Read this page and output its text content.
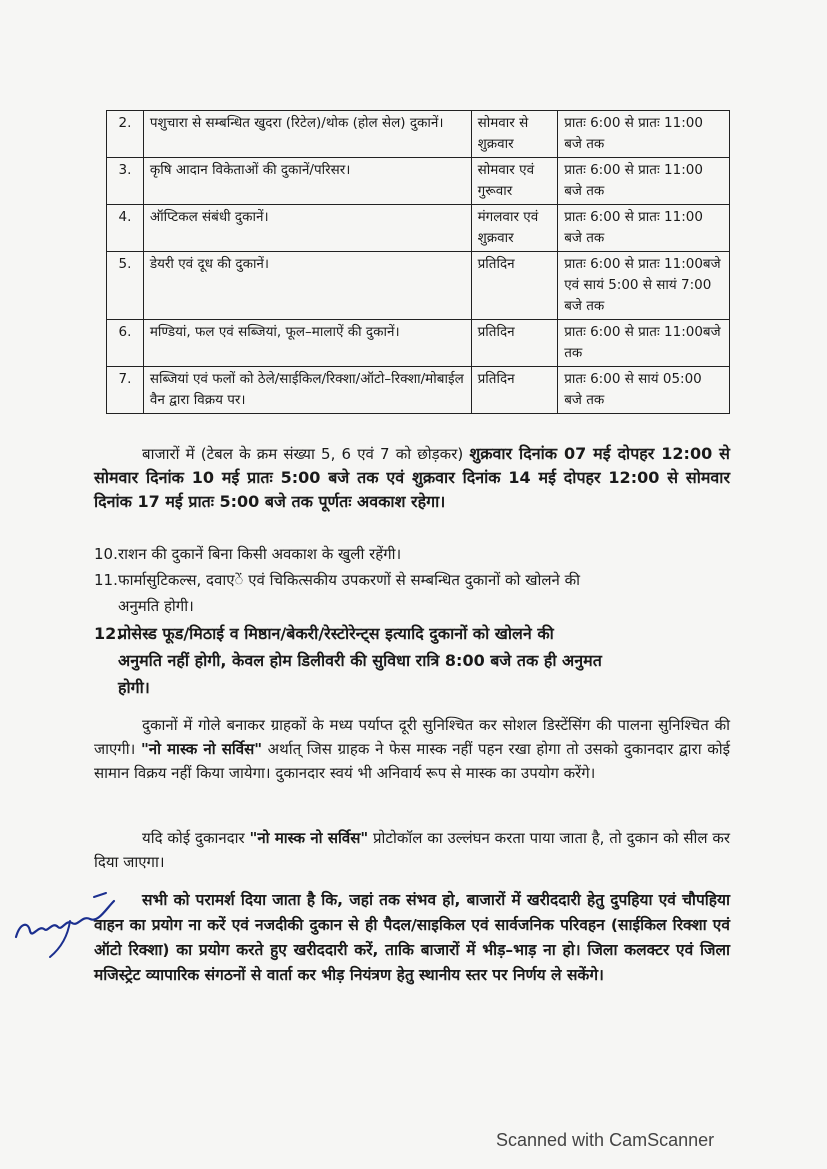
2.	पशुचारा से सम्बन्धित खुदरा (रिटेल)/थोक (होल सेल) दुकानें।	सोमवार से शुक्रवार	प्रातः 6:00 से प्रातः 11:00 बजे तक
3.	कृषि आदान विकेताओं की दुकानें/परिसर।	सोमवार एवं गुरूवार	प्रातः 6:00 से प्रातः 11:00 बजे तक
4.	ऑप्टिकल संबंधी दुकानें।	मंगलवार एवं शुक्रवार	प्रातः 6:00 से प्रातः 11:00 बजे तक
5.	डेयरी एवं दूध की दुकानें।	प्रतिदिन	प्रातः 6:00 से प्रातः 11:00बजे एवं सायं 5:00 से सायं 7:00 बजे तक
6.	मण्डियां, फल एवं सब्जियां, फूल–मालाऐं की दुकानें।	प्रतिदिन	प्रातः 6:00 से प्रातः 11:00बजे तक
7.	सब्जियां एवं फलों को ठेले/साईकिल/रिक्शा/ऑटो–रिक्शा/मोबाईल वैन द्वारा विक्रय पर।	प्रतिदिन	प्रातः 6:00 से सायं 05:00 बजे तक
बाजारों में (टेबल के क्रम संख्या 5, 6 एवं 7 को छोड़कर) शुक्रवार दिनांक 07 मई दोपहर 12:00 से सोमवार दिनांक 10 मई प्रातः 5:00 बजे तक एवं शुक्रवार दिनांक 14 मई दोपहर 12:00 से सोमवार दिनांक 17 मई प्रातः 5:00 बजे तक पूर्णतः अवकाश रहेगा।
10.राशन की दुकानें बिना किसी अवकाश के खुली रहेंगी।
11.फार्मासुटिकल्स, दवाएें एवं चिकित्सकीय उपकरणों से सम्बन्धित दुकानों को खोलने की
अनुमति होगी।
12.प्रोसेस्ड फूड/मिठाई व मिष्ठान/बेकरी/रेस्टोरेन्ट्स इत्यादि दुकानों को खोलने की
अनुमति नहीं होगी, केवल होम डिलीवरी की सुविधा रात्रि 8:00 बजे तक ही अनुमत
होगी।
दुकानों में गोले बनाकर ग्राहकों के मध्य पर्याप्त दूरी सुनिश्चित कर सोशल डिस्टेंसिंग की पालना सुनिश्चित की जाएगी। "नो मास्क नो सर्विस" अर्थात् जिस ग्राहक ने फेस मास्क नहीं पहन रखा होगा तो उसको दुकानदार द्वारा कोई सामान विक्रय नहीं किया जायेगा। दुकानदार स्वयं भी अनिवार्य रूप से मास्क का उपयोग करेंगे।
यदि कोई दुकानदार "नो मास्क नो सर्विस" प्रोटोकॉल का उल्लंघन करता पाया जाता है, तो दुकान को सील कर दिया जाएगा।
सभी को परामर्श दिया जाता है कि, जहां तक संभव हो, बाजारों में खरीददारी हेतु दुपहिया एवं चौपहिया वाहन का प्रयोग ना करें एवं नजदीकी दुकान से ही पैदल/साइकिल एवं सार्वजनिक परिवहन (साईकिल रिक्शा एवं ऑटो रिक्शा) का प्रयोग करते हुए खरीददारी करें, ताकि बाजारों में भीड़–भाड़ ना हो। जिला कलक्टर एवं जिला मजिस्ट्रेट व्यापारिक संगठनों से वार्ता कर भीड़ नियंत्रण हेतु स्थानीय स्तर पर निर्णय ले सकेंगे।
Scanned with CamScanner
